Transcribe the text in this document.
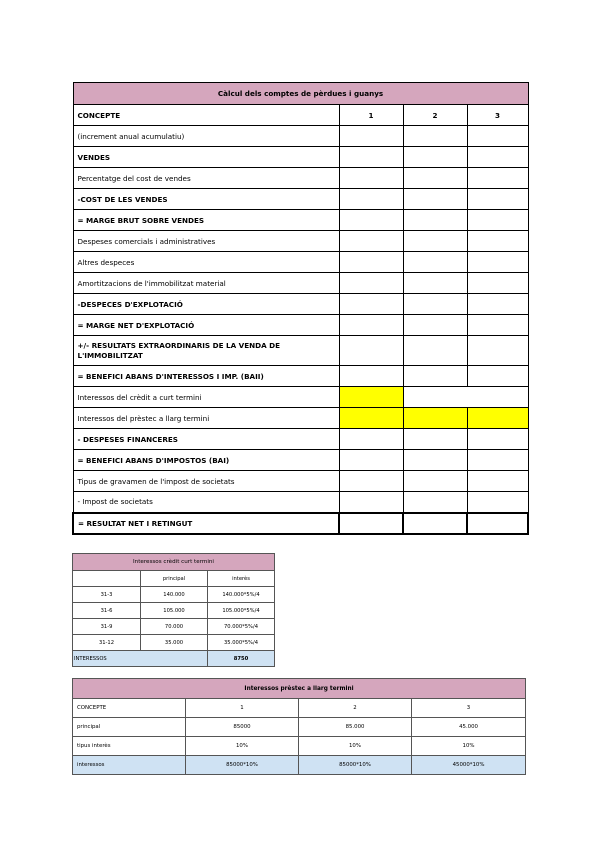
Càlcul dels comptes de pèrdues i guanys			
CONCEPTE	1	2	3
(increment anual acumulatiu)			
VENDES			
Percentatge del cost de vendes			
-COST DE LES VENDES			
= MARGE BRUT SOBRE VENDES			
Despeses comercials i administratives			
Altres despeces			
Amortitzacions de l'immobilitzat material			
-DESPECES D'EXPLOTACIÓ			
= MARGE NET D'EXPLOTACIÓ			
+/- RESULTATS EXTRAORDINARIS DE LA VENDA DE L'IMMOBILITZAT			
= BENEFICI ABANS D'INTERESSOS I IMP. (BAII)			
Interessos del crèdit a curt termini			
Interessos del prèstec a llarg termini			
- DESPESES FINANCERES			
= BENEFICI ABANS D'IMPOSTOS (BAI)			
Tipus de gravamen de l'impost de societats			
- Impost de societats			
= RESULTAT NET I RETINGUT			
Interessos crèdit curt termini		
	principal	interès
31-3	140.000	140.000*5%/4
31-6	105.000	105.000*5%/4
31-9	70.000	70.000*5%/4
31-12	35.000	35.000*5%/4
INTERESSOS		8750
Interessos prèstec a llarg termini			
CONCEPTE	1	2	3
principal	85000	85.000	45.000
tipus interès	10%	10%	10%
interessos	85000*10%	85000*10%	45000*10%
